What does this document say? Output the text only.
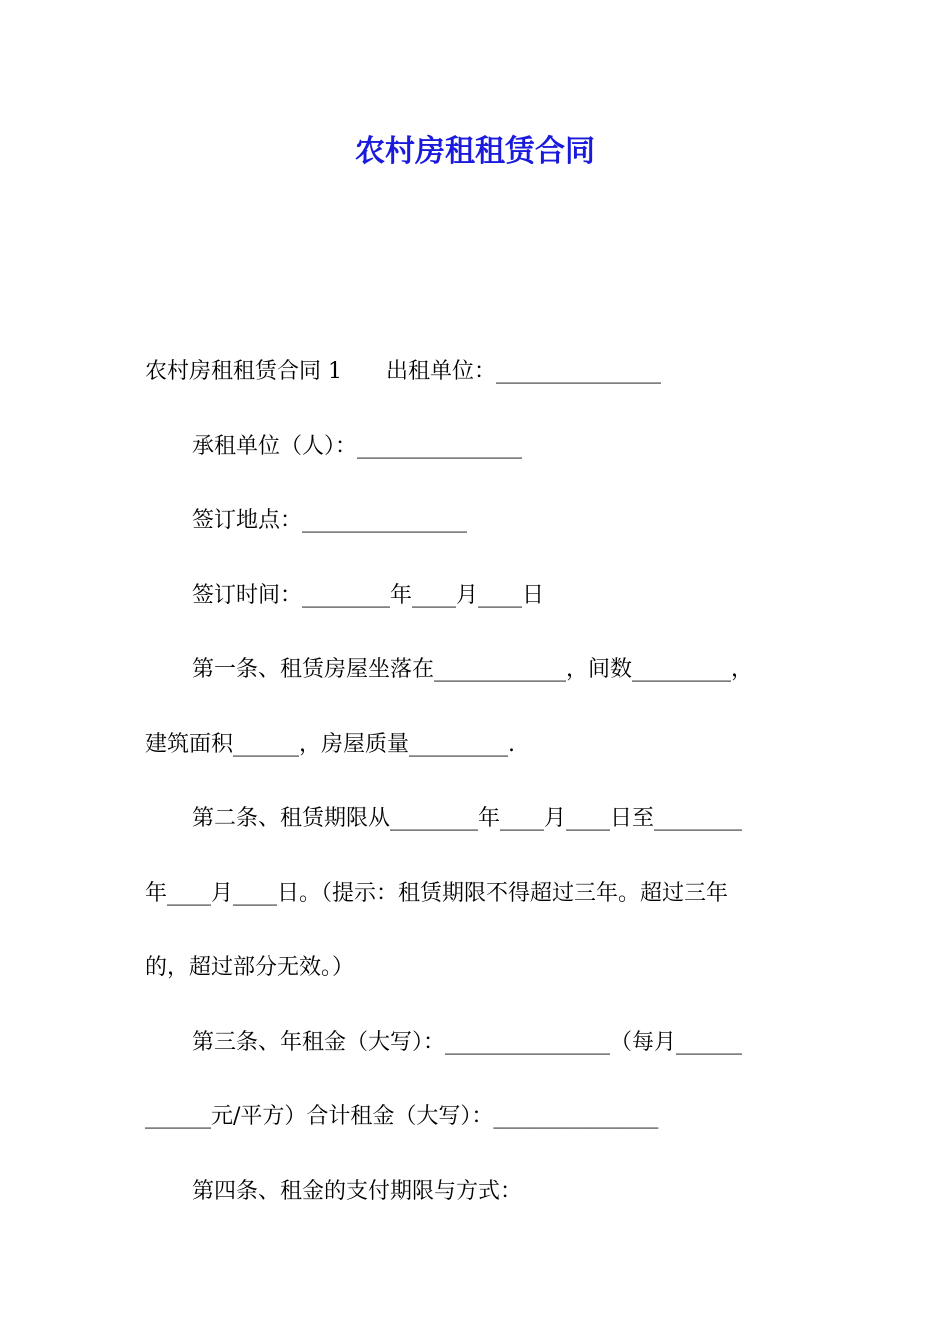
农村房租租赁合同
农村房租租赁合同 1　　出租单位：_______________
承租单位（人）：_______________
签订地点：_______________
签订时间：________年____月____日
第一条、租赁房屋坐落在____________，间数_________，
建筑面积______，房屋质量_________.
第二条、租赁期限从________年____月____日至________
年____月____日。（提示：租赁期限不得超过三年。超过三年
的，超过部分无效。）
第三条、年租金（大写）：_______________（每月______
______元/平方）合计租金（大写）：_______________
第四条、租金的支付期限与方式：
